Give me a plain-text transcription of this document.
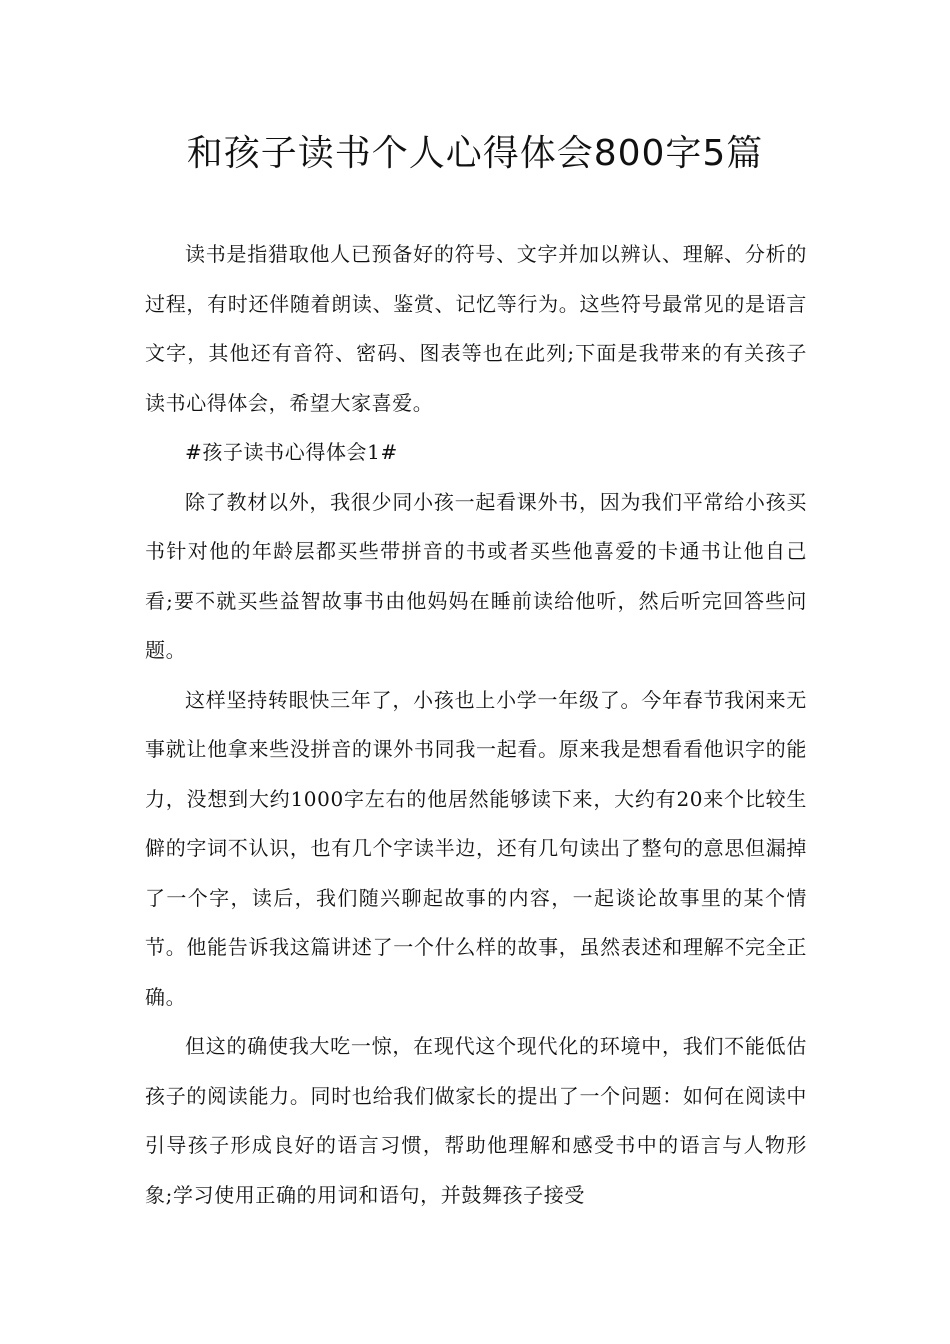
和孩子读书个人心得体会800字5篇

读书是指猎取他人已预备好的符号、文字并加以辨认、理解、分析的过程，有时还伴随着朗读、鉴赏、记忆等行为。这些符号最常见的是语言文字，其他还有音符、密码、图表等也在此列;下面是我带来的有关孩子读书心得体会，希望大家喜爱。

#孩子读书心得体会1#

除了教材以外，我很少同小孩一起看课外书，因为我们平常给小孩买书针对他的年龄层都买些带拼音的书或者买些他喜爱的卡通书让他自己看;要不就买些益智故事书由他妈妈在睡前读给他听，然后听完回答些问题。

这样坚持转眼快三年了，小孩也上小学一年级了。今年春节我闲来无事就让他拿来些没拼音的课外书同我一起看。原来我是想看看他识字的能力，没想到大约1000字左右的他居然能够读下来，大约有20来个比较生僻的字词不认识，也有几个字读半边，还有几句读出了整句的意思但漏掉了一个字，读后，我们随兴聊起故事的内容，一起谈论故事里的某个情节。他能告诉我这篇讲述了一个什么样的故事，虽然表述和理解不完全正确。

但这的确使我大吃一惊，在现代这个现代化的环境中，我们不能低估孩子的阅读能力。同时也给我们做家长的提出了一个问题：如何在阅读中引导孩子形成良好的语言习惯，帮助他理解和感受书中的语言与人物形象;学习使用正确的用词和语句，并鼓舞孩子接受
